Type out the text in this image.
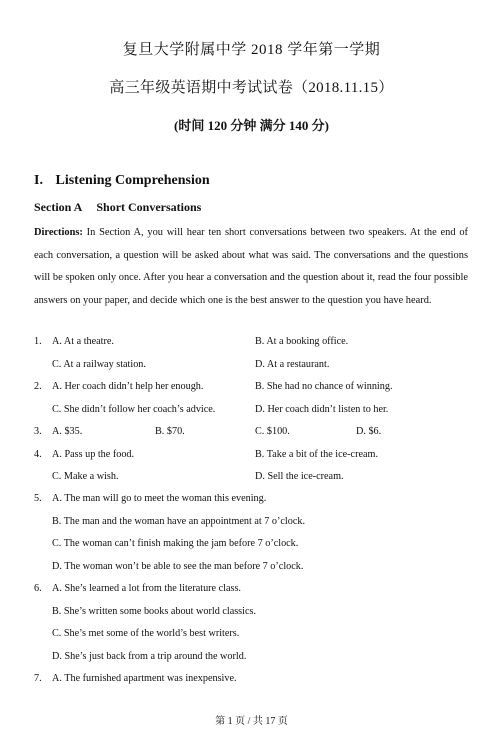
复旦大学附属中学 2018 学年第一学期
高三年级英语期中考试试卷（2018.11.15）
(时间 120 分钟 满分 140 分)
I. Listening Comprehension
Section A Short Conversations
Directions: In Section A, you will hear ten short conversations between two speakers. At the end of each conversation, a question will be asked about what was said. The conversations and the questions will be spoken only once. After you hear a conversation and the question about it, read the four possible answers on your paper, and decide which one is the best answer to the question you have heard.
1. A. At a theatre.	B. At a booking office.
C. At a railway station.	D. At a restaurant.
2. A. Her coach didn’t help her enough.	B. She had no chance of winning.
C. She didn’t follow her coach’s advice.	D. Her coach didn’t listen to her.
3. A. $35.	B. $70.	C. $100.	D. $6.
4. A. Pass up the food.	B. Take a bit of the ice-cream.
C. Make a wish.	D. Sell the ice-cream.
5. A. The man will go to meet the woman this evening.
B. The man and the woman have an appointment at 7 o’clock.
C. The woman can’t finish making the jam before 7 o’clock.
D. The woman won’t be able to see the man before 7 o’clock.
6. A. She’s learned a lot from the literature class.
B. She’s written some books about world classics.
C. She’s met some of the world’s best writers.
D. She’s just back from a trip around the world.
7. A. The furnished apartment was inexpensive.
第 1 页 / 共 17 页
